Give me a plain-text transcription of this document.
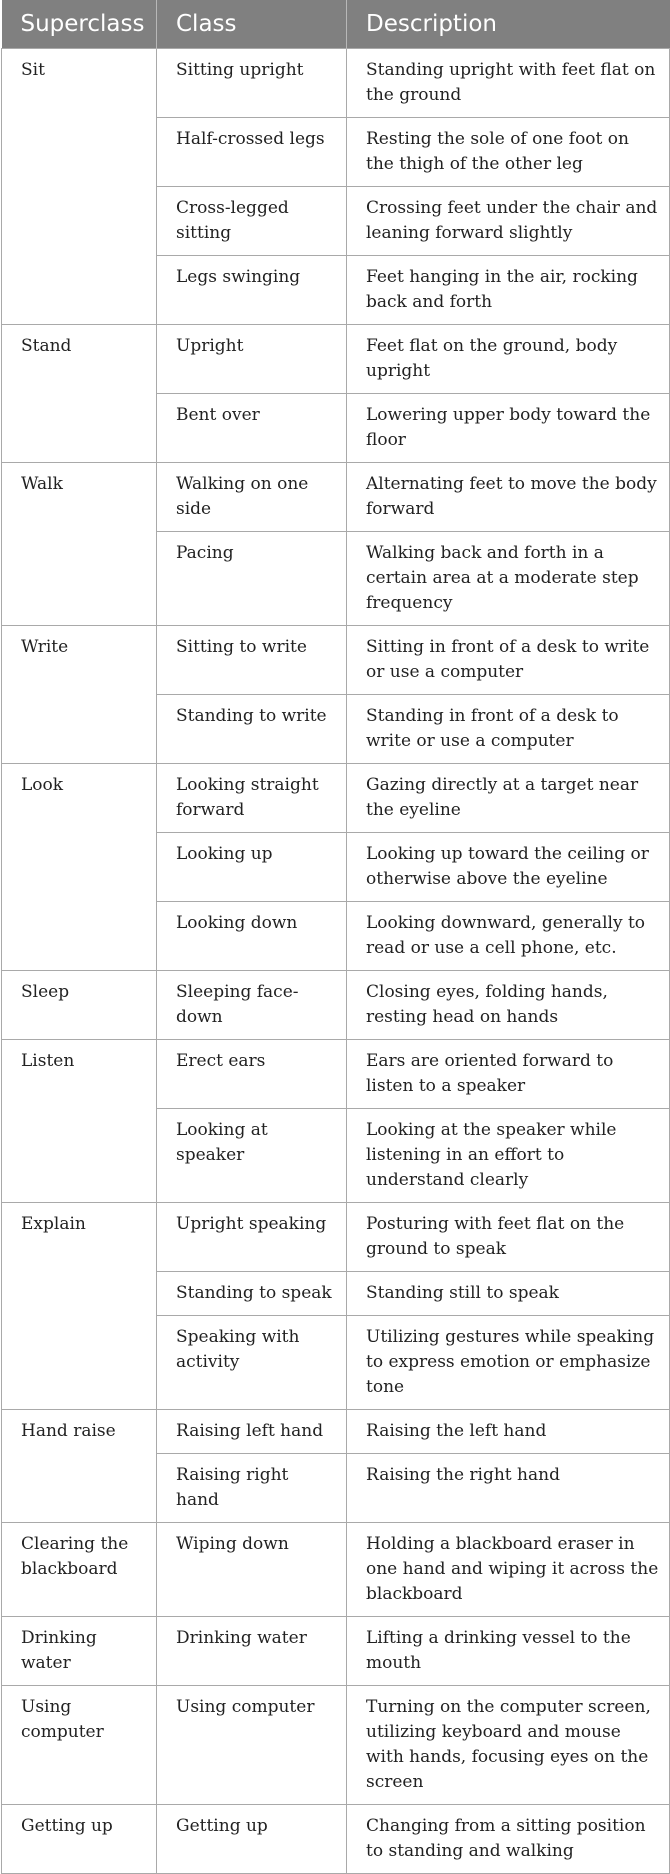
Superclass	Class	Description
Sit	Sitting upright	Standing upright with feet flat on the ground
	Half-crossed legs	Resting the sole of one foot on the thigh of the other leg
	Cross-legged sitting	Crossing feet under the chair and leaning forward slightly
	Legs swinging	Feet hanging in the air, rocking back and forth
Stand	Upright	Feet flat on the ground, body upright
	Bent over	Lowering upper body toward the floor
Walk	Walking on one side	Alternating feet to move the body forward
	Pacing	Walking back and forth in a certain area at a moderate step frequency
Write	Sitting to write	Sitting in front of a desk to write or use a computer
	Standing to write	Standing in front of a desk to write or use a computer
Look	Looking straight forward	Gazing directly at a target near the eyeline
	Looking up	Looking up toward the ceiling or otherwise above the eyeline
	Looking down	Looking downward, generally to read or use a cell phone, etc.
Sleep	Sleeping face-down	Closing eyes, folding hands, resting head on hands
Listen	Erect ears	Ears are oriented forward to listen to a speaker
	Looking at speaker	Looking at the speaker while listening in an effort to understand clearly
Explain	Upright speaking	Posturing with feet flat on the ground to speak
	Standing to speak	Standing still to speak
	Speaking with activity	Utilizing gestures while speaking to express emotion or emphasize tone
Hand raise	Raising left hand	Raising the left hand
	Raising right hand	Raising the right hand
Clearing the blackboard	Wiping down	Holding a blackboard eraser in one hand and wiping it across the blackboard
Drinking water	Drinking water	Lifting a drinking vessel to the mouth
Using computer	Using computer	Turning on the computer screen, utilizing keyboard and mouse with hands, focusing eyes on the screen
Getting up	Getting up	Changing from a sitting position to standing and walking
